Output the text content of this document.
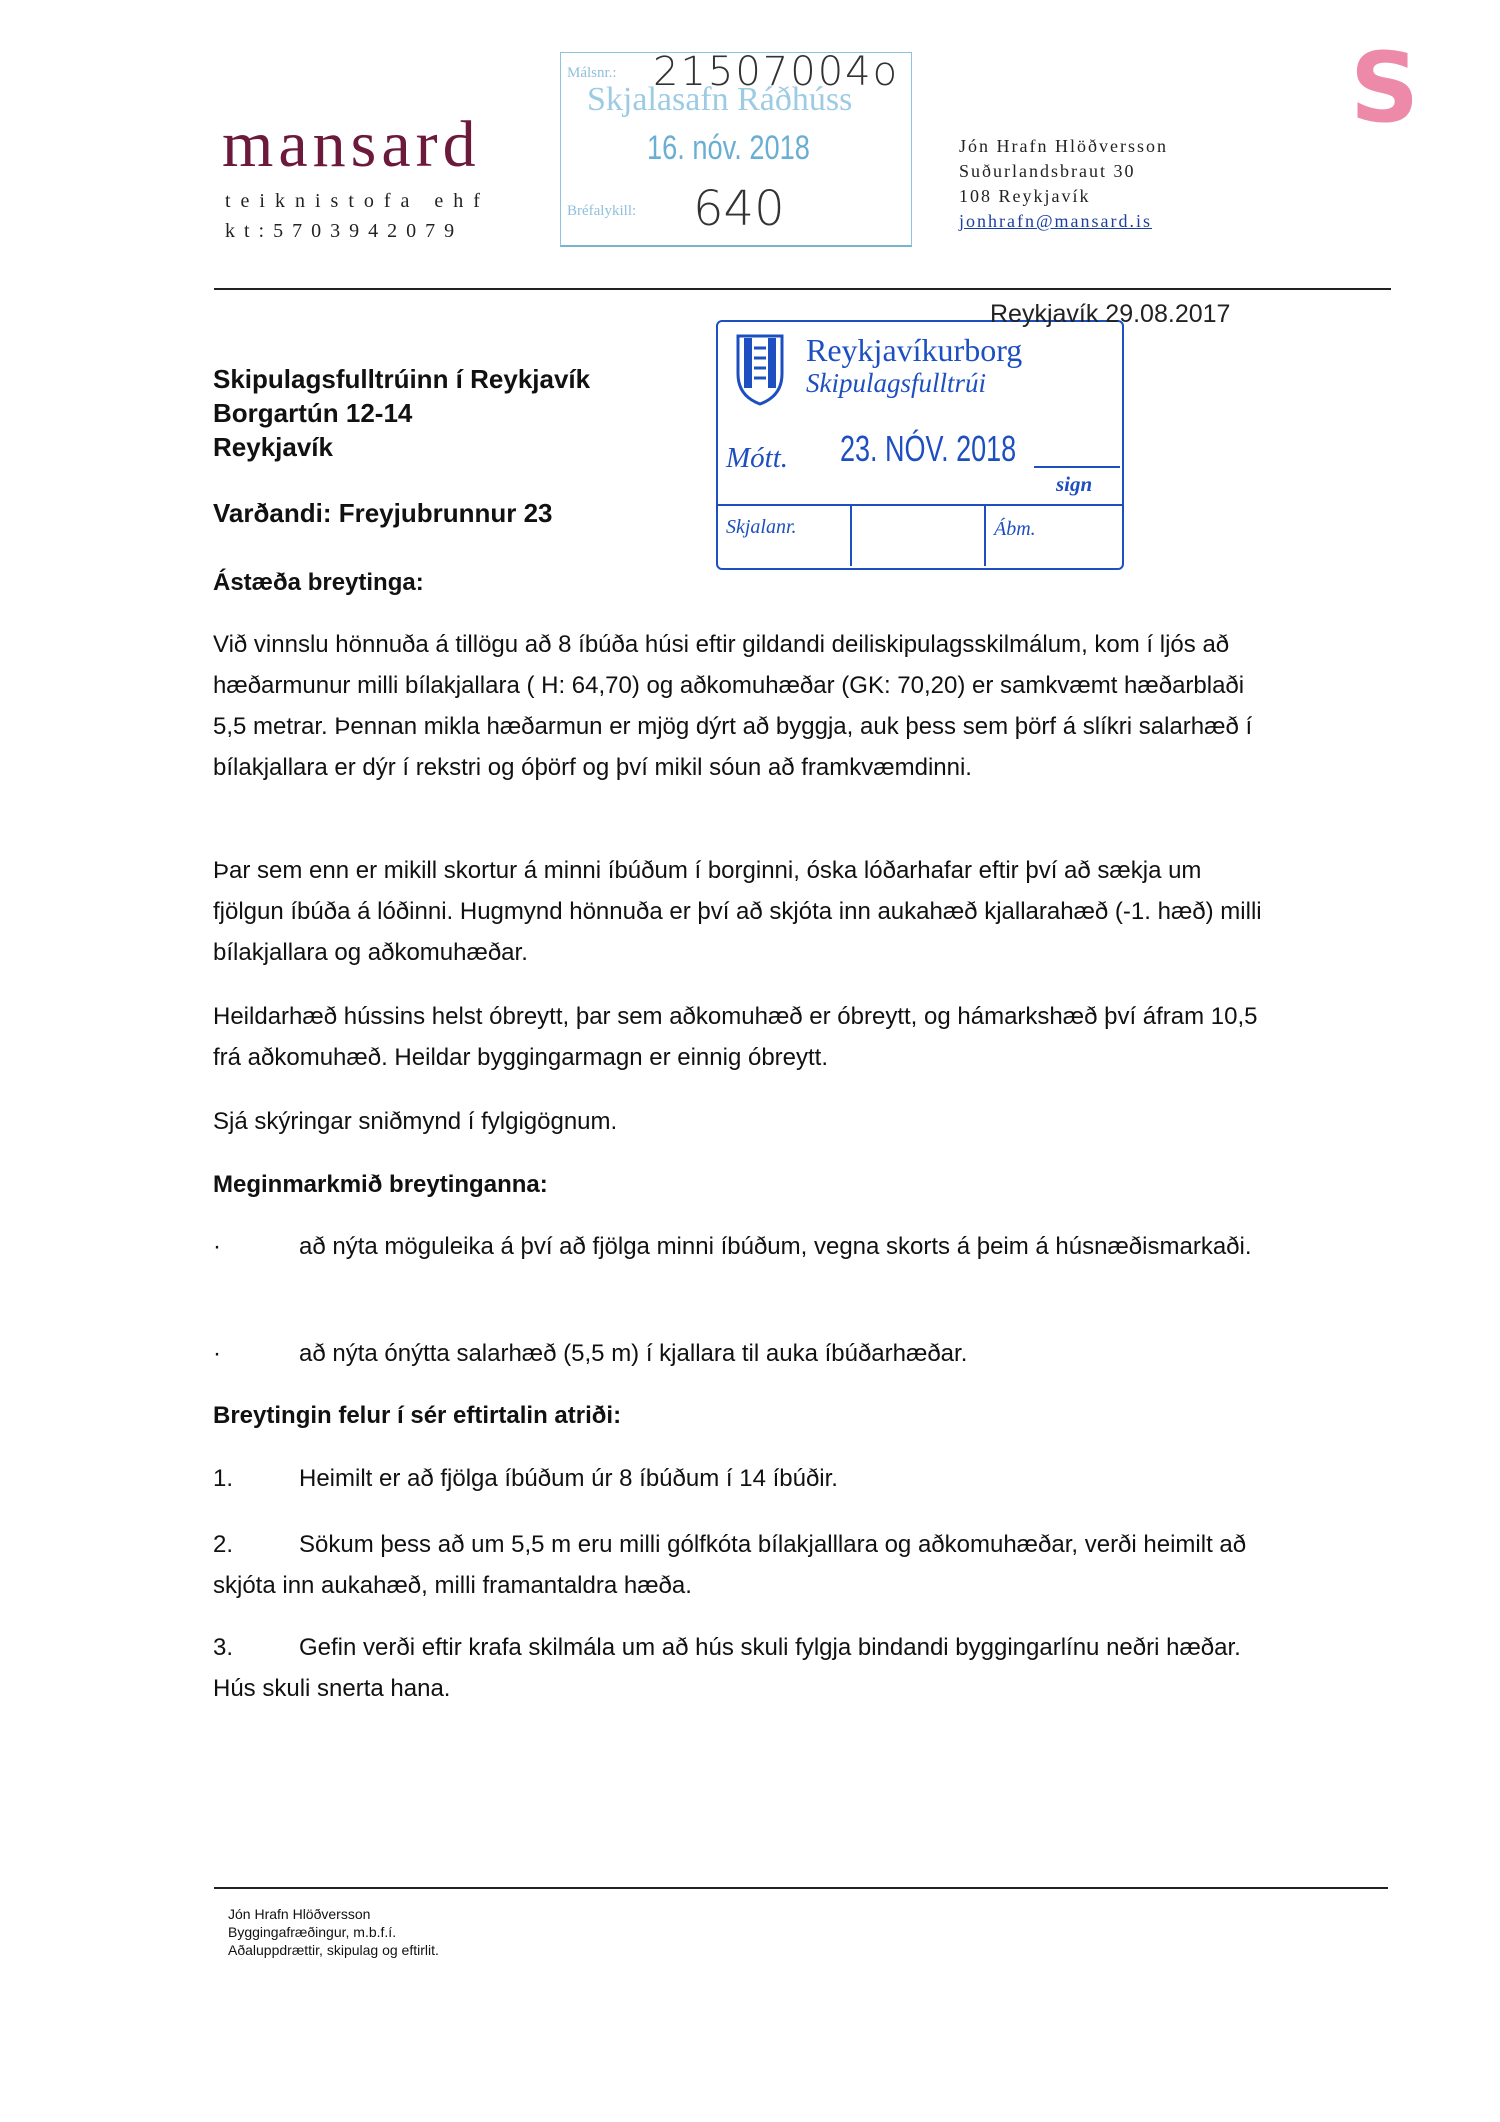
mansard
teiknistofa ehf
kt:5703942079
Málsnr.: 21507004o
Skjalasafn Ráðhúss
16. nóv. 2018
Bréfalykill: 640
Jón Hrafn Hlöðversson
Suðurlandsbraut 30
108 Reykjavík
jonhrafn@mansard.is
S
Reykjavíkurborg
Skipulagsfulltrúi
Mótt. 23. NÓV. 2018
sign
Skjalanr.	Ábm.
Reykjavík 29.08.2017
Skipulagsfulltrúinn í Reykjavík
Borgartún 12-14
Reykjavík
Varðandi: Freyjubrunnur 23
Ástæða breytinga:
Við vinnslu hönnuða á tillögu að 8 íbúða húsi eftir gildandi deiliskipulagsskilmálum, kom í ljós að hæðarmunur milli bílakjallara ( H: 64,70) og aðkomuhæðar (GK: 70,20) er samkvæmt hæðarblaði 5,5 metrar. Þennan mikla hæðarmun er mjög dýrt að byggja, auk þess sem þörf á slíkri salarhæð í bílakjallara er dýr í rekstri og óþörf og því mikil sóun að framkvæmdinni.
Þar sem enn er mikill skortur á minni íbúðum í borginni, óska lóðarhafar eftir því að sækja um fjölgun íbúða á lóðinni. Hugmynd hönnuða er því að skjóta inn aukahæð kjallarahæð (-1. hæð) milli bílakjallara og aðkomuhæðar.
Heildarhæð hússins helst óbreytt, þar sem aðkomuhæð er óbreytt, og hámarkshæð því áfram 10,5 frá aðkomuhæð. Heildar byggingarmagn er einnig óbreytt.
Sjá skýringar sniðmynd í fylgigögnum.
Meginmarkmið breytinganna:
·	að nýta möguleika á því að fjölga minni íbúðum, vegna skorts á þeim á húsnæðismarkaði.
·	að nýta ónýtta salarhæð (5,5 m) í kjallara til auka íbúðarhæðar.
Breytingin felur í sér eftirtalin atriði:
1.	Heimilt er að fjölga íbúðum úr 8 íbúðum í 14 íbúðir.
2.	Sökum þess að um 5,5 m eru milli gólfkóta bílakjalllara og aðkomuhæðar, verði heimilt að skjóta inn aukahæð, milli framantaldra hæða.
3.	Gefin verði eftir krafa skilmála um að hús skuli fylgja bindandi byggingarlínu neðri hæðar. Hús skuli snerta hana.
Jón Hrafn Hlöðversson
Byggingafræðingur, m.b.f.í.
Aðaluppdrættir, skipulag og eftirlit.
